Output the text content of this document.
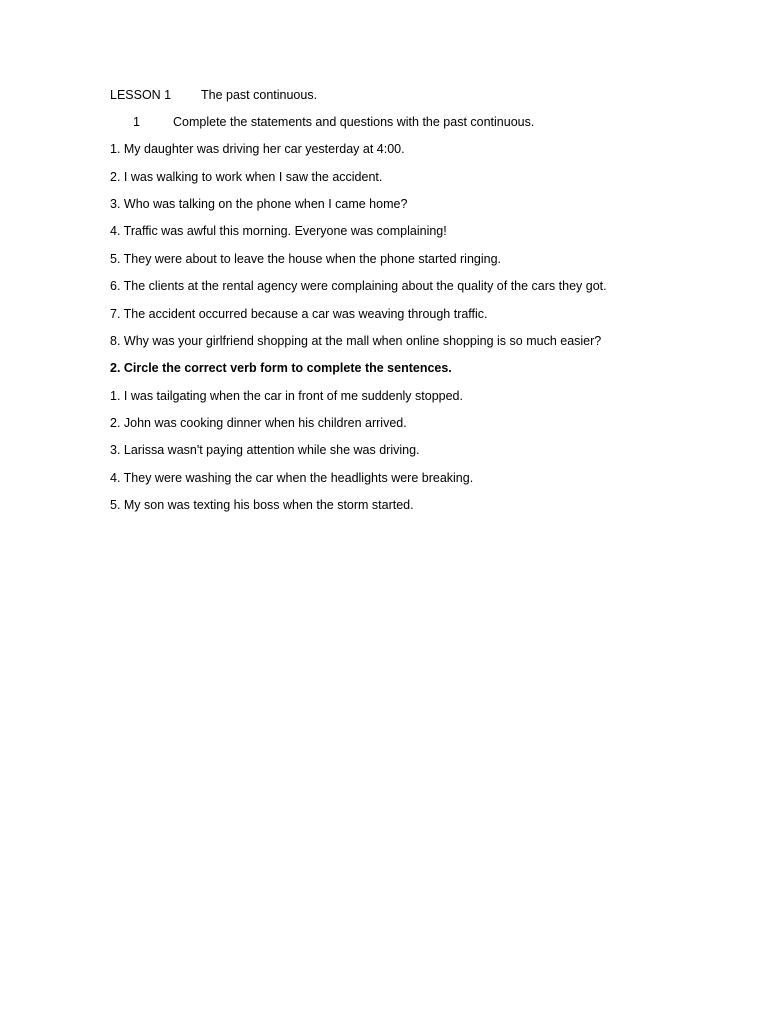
LESSON 1 The past continuous.
1	Complete the statements and questions with the past continuous.
1. My daughter was driving her car yesterday at 4:00.
2. I was walking to work when I saw the accident.
3. Who was talking on the phone when I came home?
4. Traffic was awful this morning. Everyone was complaining!
5. They were about to leave the house when the phone started ringing.
6. The clients at the rental agency were complaining about the quality of the cars they got.
7. The accident occurred because a car was weaving through traffic.
8. Why was your girlfriend shopping at the mall when online shopping is so much easier?
2. Circle the correct verb form to complete the sentences.
1. I was tailgating when the car in front of me suddenly stopped.
2. John was cooking dinner when his children arrived.
3. Larissa wasn't paying attention while she was driving.
4. They were washing the car when the headlights were breaking.
5. My son was texting his boss when the storm started.
